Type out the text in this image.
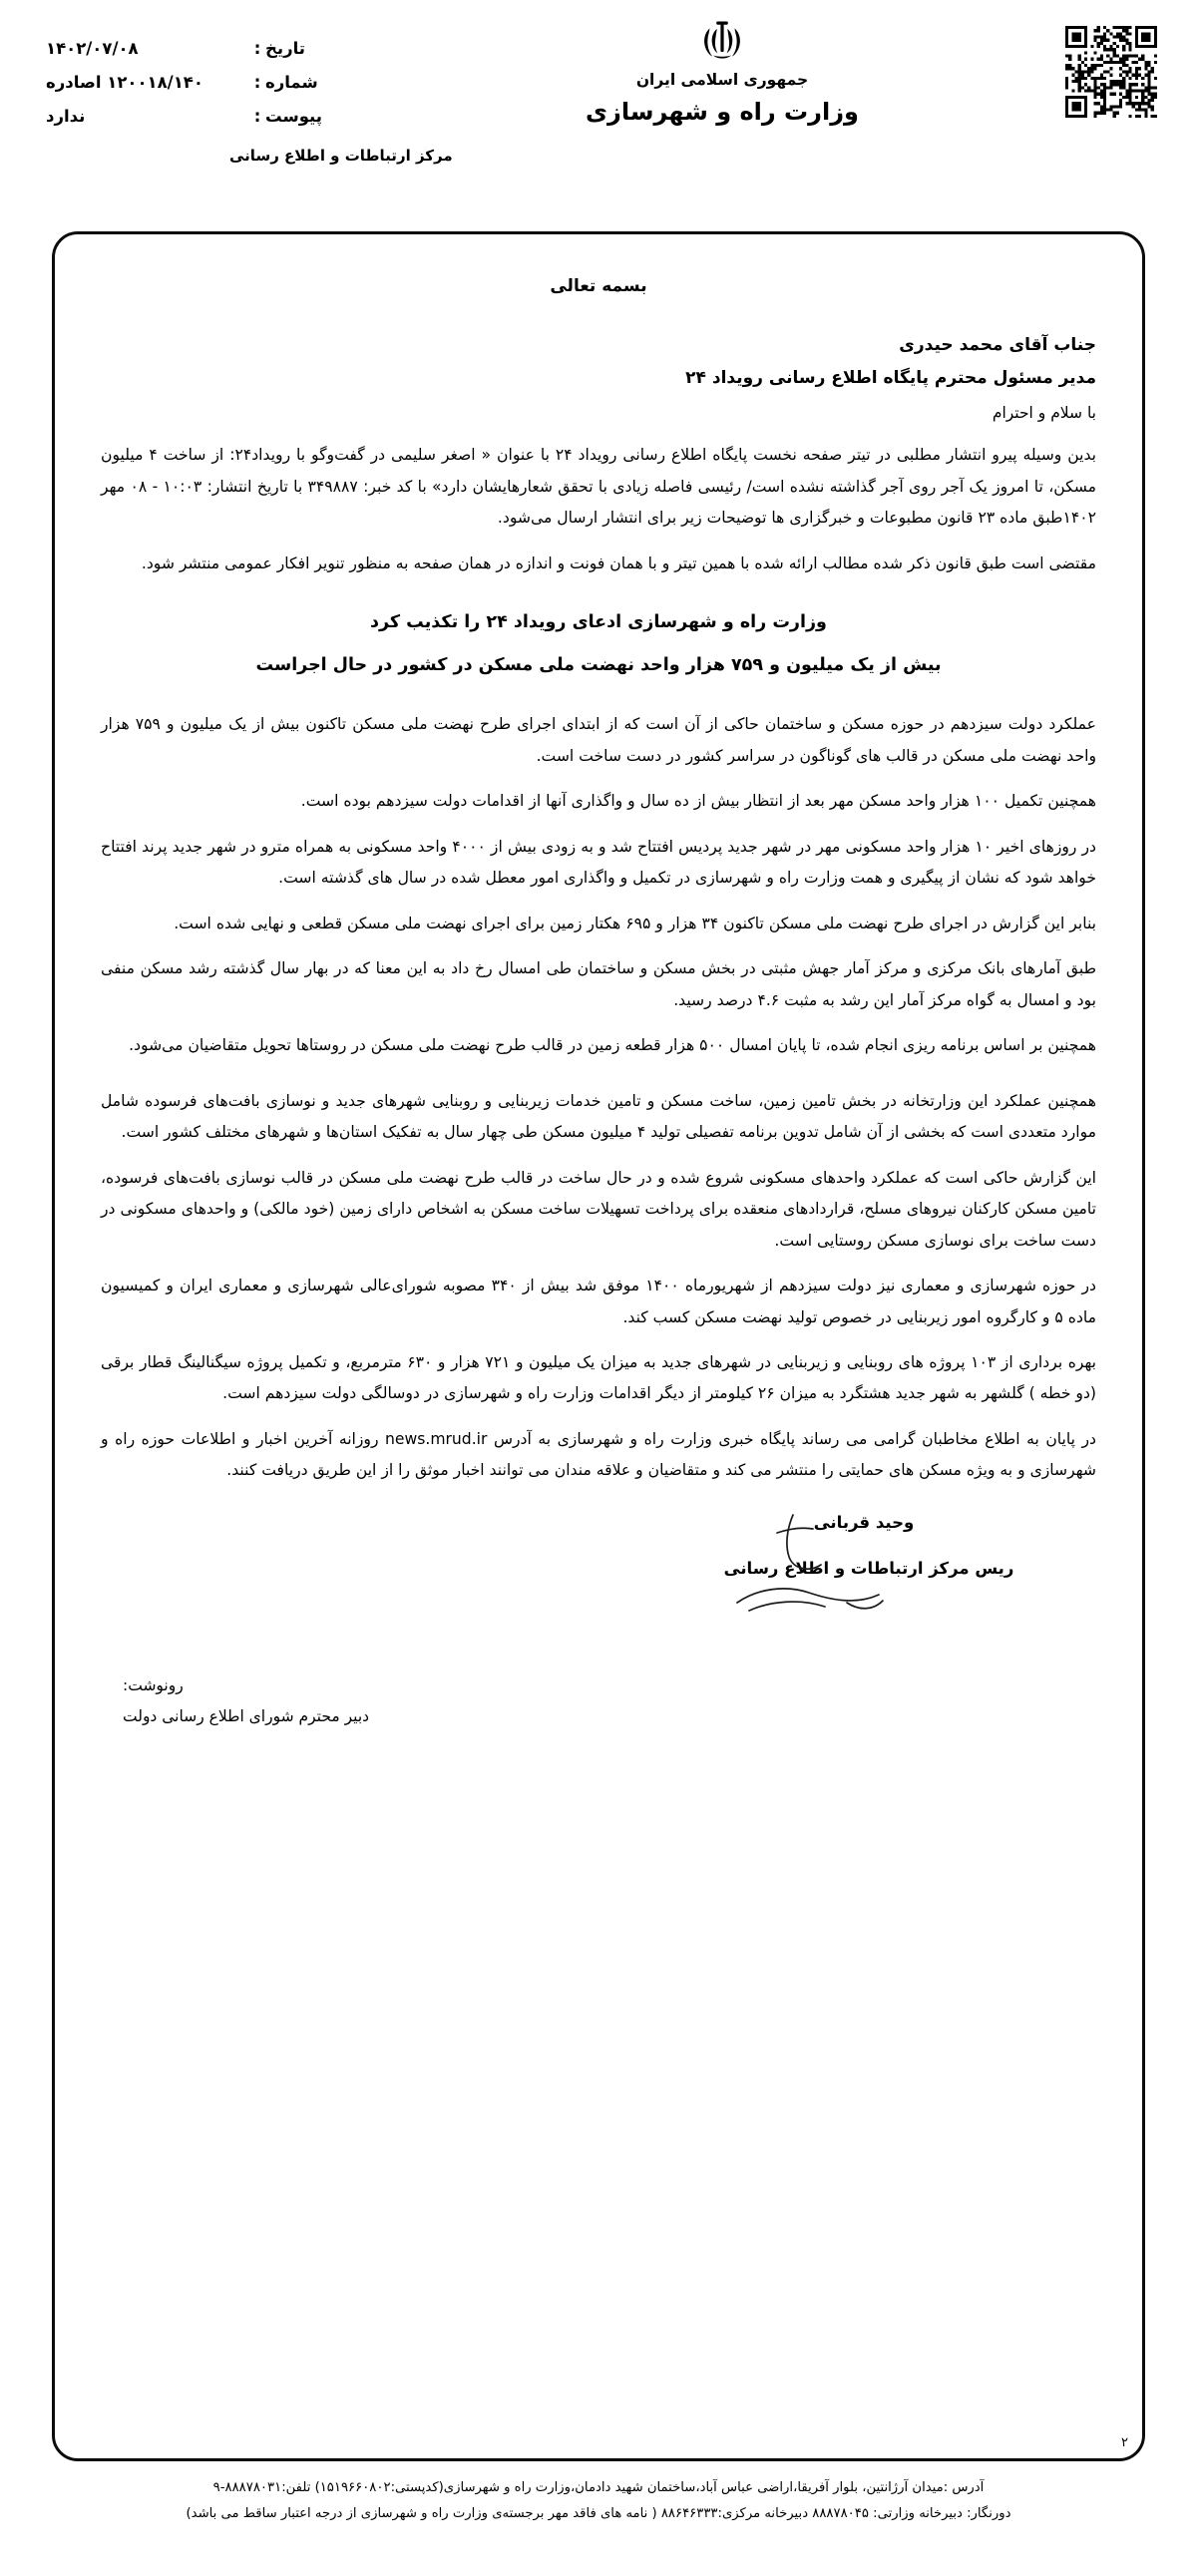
تاریخ
:
۱۴۰۲/۰۷/۰۸
شماره
:
۱۲۰۰۱۸/۱۴۰ اصادره
پیوست
:
ندارد
جمهوری اسلامی ایران
وزارت راه و شهرسازی
مرکز ارتباطات و اطلاع رسانی
بسمه تعالی
جناب آقای محمد حیدری
مدیر مسئول محترم پایگاه اطلاع رسانی رویداد ۲۴
با سلام و احترام

بدین وسیله پیرو انتشار مطلبی در تیتر صفحه نخست پایگاه اطلاع رسانی رویداد ۲۴ با عنوان « اصغر سلیمی در گفت‌وگو با رویداد۲۴: از ساخت ۴ میلیون مسکن، تا امروز یک آجر روی آجر گذاشته نشده است/ رئیسی فاصله زیادی با تحقق شعارهایشان دارد» با کد خبر: ۳۴۹۸۸۷ با تاریخ انتشار: ۱۰:۰۳ - ۰۸ مهر ۱۴۰۲طبق ماده ۲۳ قانون مطبوعات و خبرگزاری ها توضیحات زیر برای انتشار ارسال می‌شود.

مقتضی است طبق قانون ذکر شده مطالب ارائه شده با همین تیتر و با همان فونت و اندازه در همان صفحه به منظور تنویر افکار عمومی منتشر شود.

وزارت راه و شهرسازی ادعای رویداد ۲۴ را تکذیب کرد
بیش از یک میلیون و ۷۵۹ هزار واحد نهضت ملی مسکن در کشور در حال اجراست

عملکرد دولت سیزدهم در حوزه مسکن و ساختمان حاکی از آن است که از ابتدای اجرای طرح نهضت ملی مسکن تاکنون بیش از یک میلیون و ۷۵۹ هزار واحد نهضت ملی مسکن در قالب های گوناگون در سراسر کشور در دست ساخت است.

همچنین تکمیل ۱۰۰ هزار واحد مسکن مهر بعد از انتظار بیش از ده سال و واگذاری آنها از اقدامات دولت سیزدهم بوده است.

در روزهای اخیر ۱۰ هزار واحد مسکونی مهر در شهر جدید پردیس افتتاح شد و به زودی بیش از ۴۰۰۰ واحد مسکونی به همراه مترو در شهر جدید پرند افتتاح خواهد شود که نشان از پیگیری و همت وزارت راه و شهرسازی در تکمیل و واگذاری امور معطل شده در سال های گذشته است.

بنابر این گزارش در اجرای طرح نهضت ملی مسکن تاکنون ۳۴ هزار و ۶۹۵ هکتار زمین برای اجرای نهضت ملی مسکن قطعی و نهایی شده است.

طبق آمارهای بانک مرکزی و مرکز آمار جهش مثبتی در بخش مسکن و ساختمان طی امسال رخ داد به این معنا که در بهار سال گذشته رشد مسکن منفی بود و امسال به گواه مرکز آمار این رشد به مثبت ۴.۶ درصد رسید.

همچنین بر اساس برنامه ریزی انجام شده، تا پایان امسال ۵۰۰ هزار قطعه زمین در قالب طرح نهضت ملی مسکن در روستاها تحویل متقاضیان می‌شود.

همچنین عملکرد این وزارتخانه در بخش تامین زمین، ساخت مسکن و تامین خدمات زیربنایی و روبنایی شهرهای جدید و نوسازی بافت‌های فرسوده شامل موارد متعددی است که بخشی از آن شامل تدوین برنامه تفصیلی تولید ۴ میلیون مسکن طی چهار سال به تفکیک استان‌ها و شهرهای مختلف کشور است.

این گزارش حاکی است که عملکرد واحدهای مسکونی شروع شده و در حال ساخت در قالب طرح نهضت ملی مسکن در قالب نوسازی بافت‌های فرسوده، تامین مسکن کارکنان نیروهای مسلح، قراردادهای منعقده برای پرداخت تسهیلات ساخت مسکن به اشخاص دارای زمین (خود مالکی) و واحدهای مسکونی در دست ساخت برای نوسازی مسکن روستایی است.

در حوزه شهرسازی و معماری نیز دولت سیزدهم از شهریورماه ۱۴۰۰ موفق شد بیش از ۳۴۰ مصوبه شورای‌عالی شهرسازی و معماری ایران و کمیسیون ماده ۵ و کارگروه امور زیربنایی در خصوص تولید نهضت مسکن کسب کند.

بهره برداری از ۱۰۳ پروژه های روبنایی و زیربنایی در شهرهای جدید به میزان یک میلیون و ۷۲۱ هزار و ۶۳۰ مترمربع، و تکمیل پروژه سیگنالینگ قطار برقی (دو خطه ) گلشهر به شهر جدید هشتگرد به میزان ۲۶ کیلومتر از دیگر اقدامات وزارت راه و شهرسازی در دوسالگی دولت سیزدهم است.

در پایان به اطلاع مخاطبان گرامی می رساند پایگاه خبری وزارت راه و شهرسازی به آدرس news.mrud.ir روزانه آخرین اخبار و اطلاعات حوزه راه و شهرسازی و به ویژه مسکن های حمایتی را منتشر می کند و متقاضیان و علاقه مندان می توانند اخبار موثق را از این طریق دریافت کنند.

وحید قربانی
ریس مرکز ارتباطات و اطلاع رسانی
رونوشت:
دبیر محترم شورای اطلاع رسانی دولت
۲
آدرس :میدان آرژانتین، بلوار آفریقا،اراضی عباس آباد،ساختمان شهید دادمان،وزارت راه و شهرسازی(کدپستی:۱۵۱۹۶۶۰۸۰۲) تلفن:۸۸۸۷۸۰۳۱-۹
دورنگار: دبیرخانه وزارتی: ۸۸۸۷۸۰۴۵ دبیرخانه مرکزی:۸۸۶۴۶۳۳۳ ( نامه های فاقد مهر برجسته‌ی وزارت راه و شهرسازی از درجه اعتبار ساقط می باشد)
